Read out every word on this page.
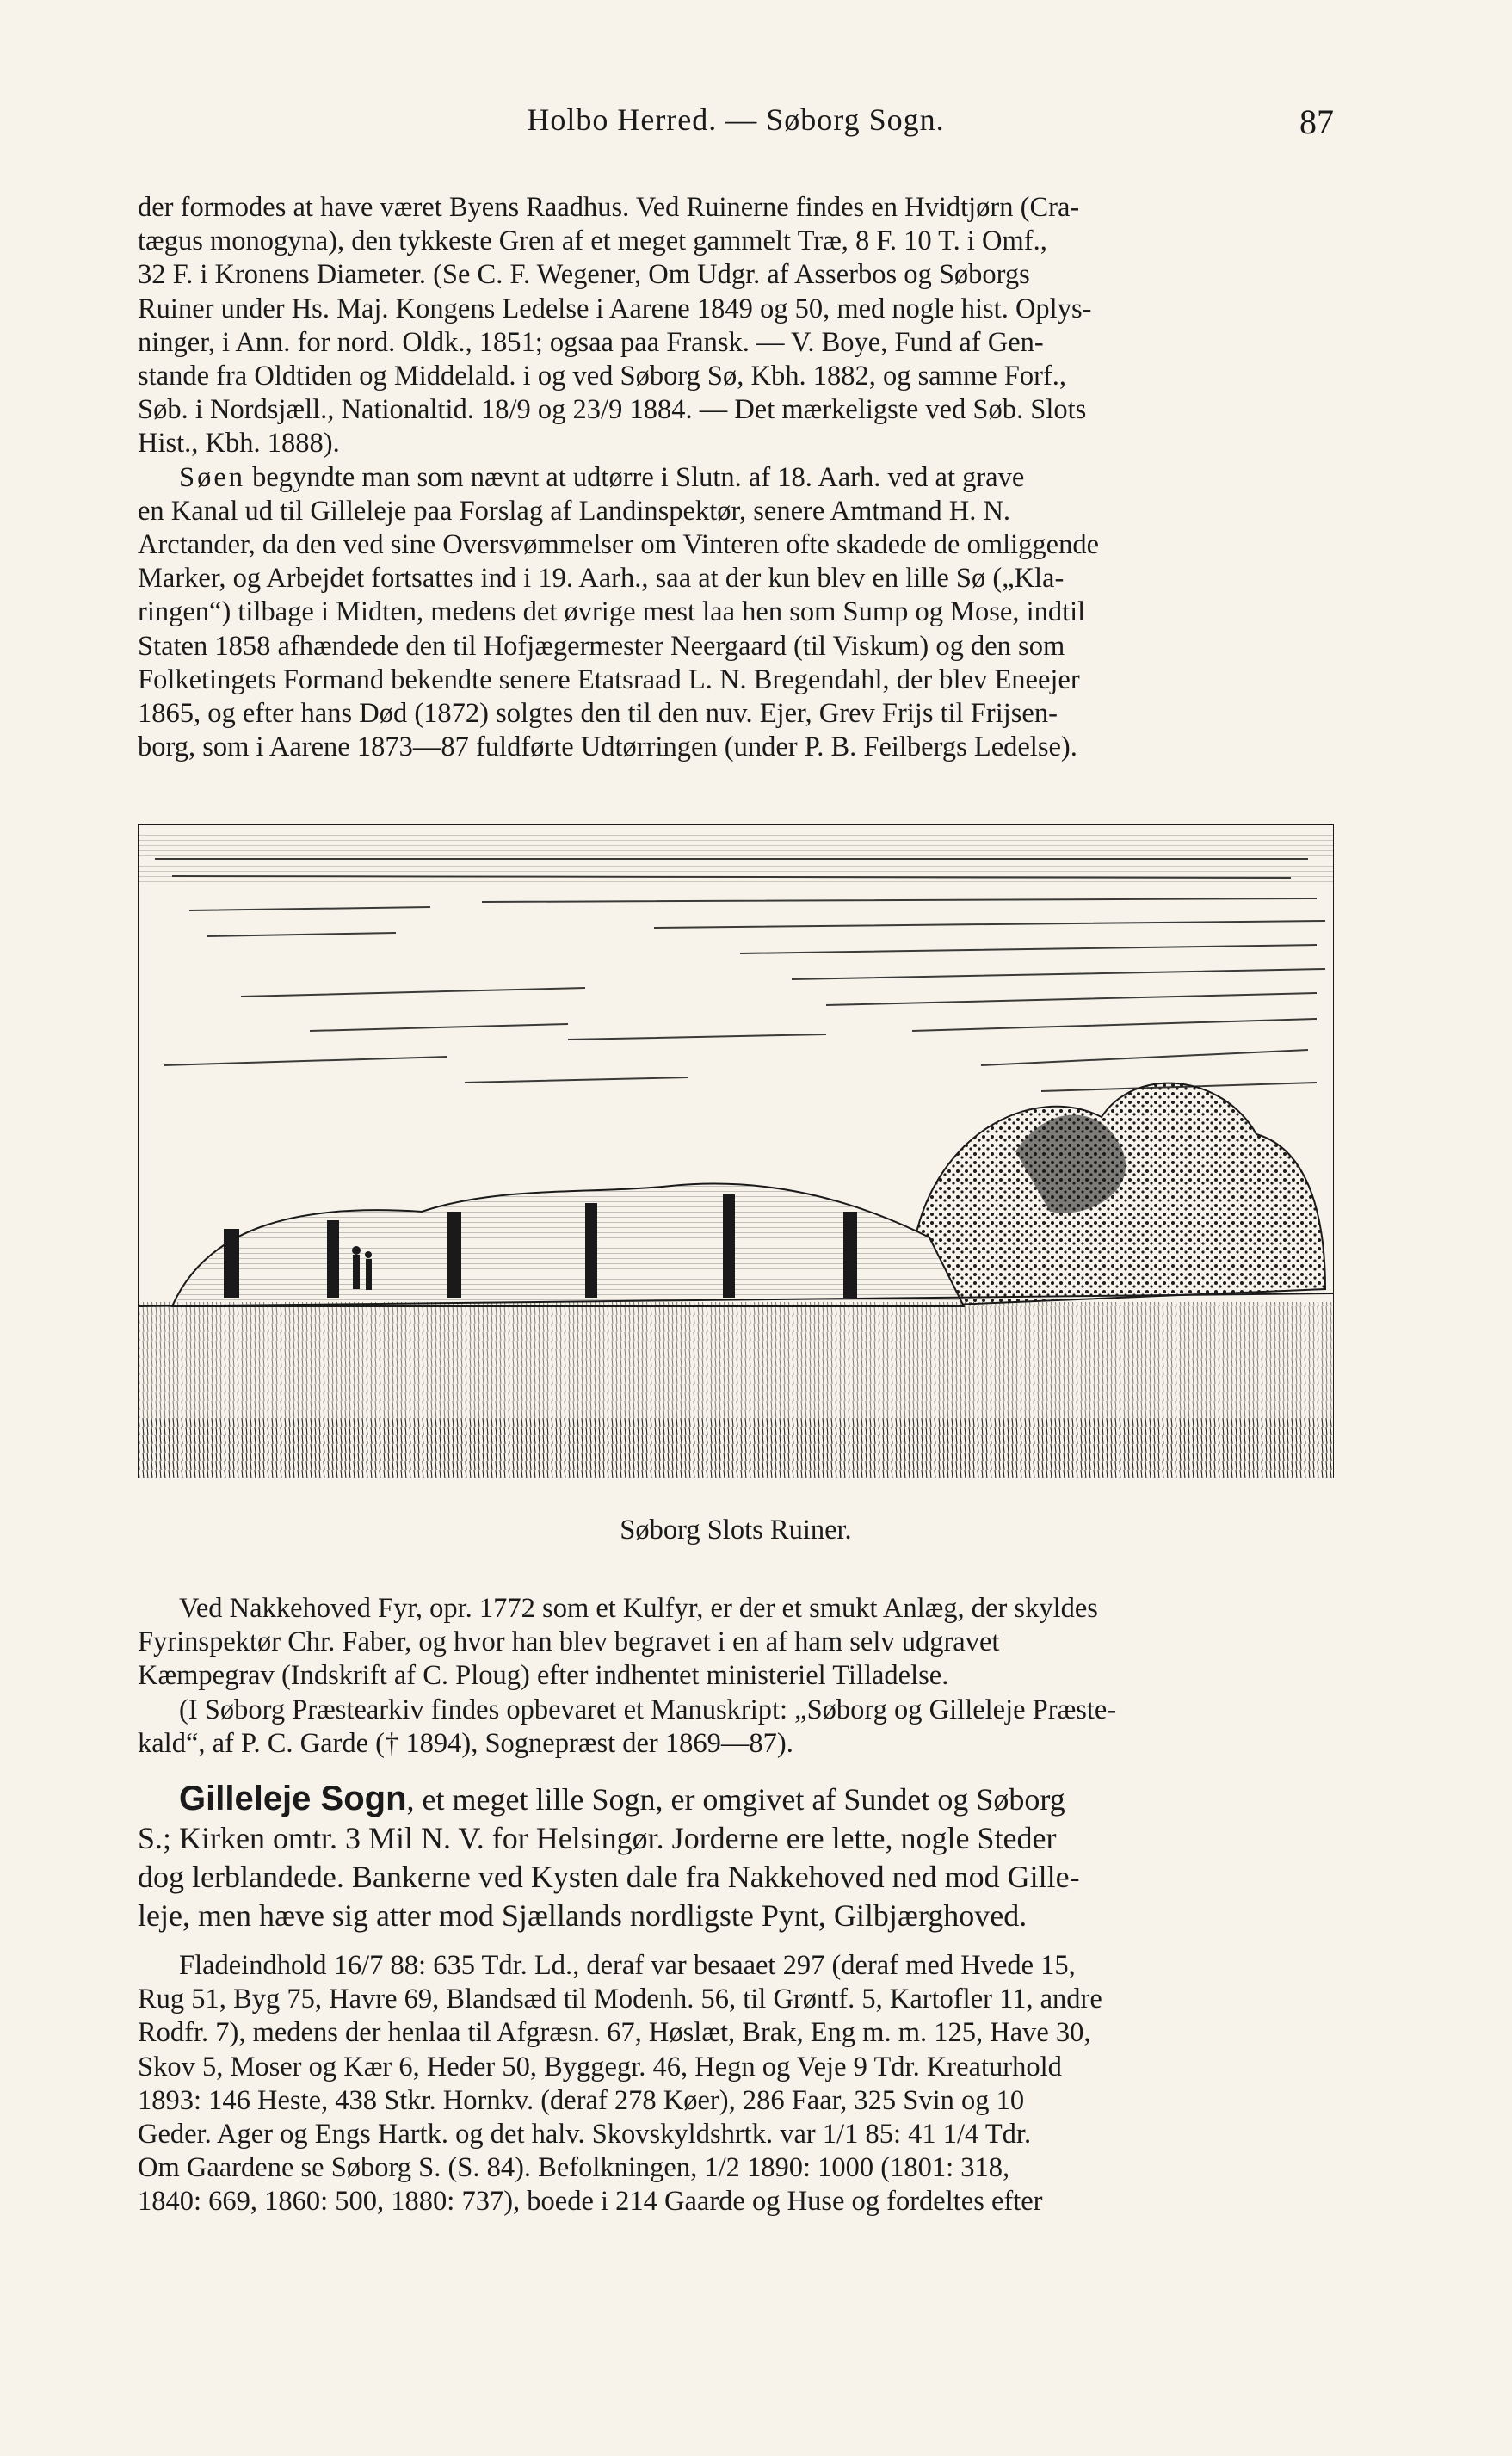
Holbo Herred. — Søborg Sogn.	87

der formodes at have været Byens Raadhus. Ved Ruinerne findes en Hvidtjørn (Cra-

tægus monogyna), den tykkeste Gren af et meget gammelt Træ, 8 F. 10 T. i Omf.,

32 F. i Kronens Diameter. (Se C. F. Wegener, Om Udgr. af Asserbos og Søborgs

Ruiner under Hs. Maj. Kongens Ledelse i Aarene 1849 og 50, med nogle hist. Oplys-

ninger, i Ann. for nord. Oldk., 1851; ogsaa paa Fransk. — V. Boye, Fund af Gen-

stande fra Oldtiden og Middelald. i og ved Søborg Sø, Kbh. 1882, og samme Forf.,

Søb. i Nordsjæll., Nationaltid. 18/9 og 23/9 1884. — Det mærkeligste ved Søb. Slots

Hist., Kbh. 1888).

Søen begyndte man som nævnt at udtørre i Slutn. af 18. Aarh. ved at grave

en Kanal ud til Gilleleje paa Forslag af Landinspektør, senere Amtmand H. N.

Arctander, da den ved sine Oversvømmelser om Vinteren ofte skadede de omliggende

Marker, og Arbejdet fortsattes ind i 19. Aarh., saa at der kun blev en lille Sø („Kla-

ringen“) tilbage i Midten, medens det øvrige mest laa hen som Sump og Mose, indtil

Staten 1858 afhændede den til Hofjægermester Neergaard (til Viskum) og den som

Folketingets Formand bekendte senere Etatsraad L. N. Bregendahl, der blev Eneejer

1865, og efter hans Død (1872) solgtes den til den nuv. Ejer, Grev Frijs til Frijsen-

borg, som i Aarene 1873—87 fuldførte Udtørringen (under P. B. Feilbergs Ledelse).

Søborg Slots Ruiner.

Ved Nakkehoved Fyr, opr. 1772 som et Kulfyr, er der et smukt Anlæg, der skyldes

Fyrinspektør Chr. Faber, og hvor han blev begravet i en af ham selv udgravet

Kæmpegrav (Indskrift af C. Ploug) efter indhentet ministeriel Tilladelse.

(I Søborg Præstearkiv findes opbevaret et Manuskript: „Søborg og Gilleleje Præste-

kald“, af P. C. Garde († 1894), Sognepræst der 1869—87).

Gilleleje Sogn, et meget lille Sogn, er omgivet af Sundet og Søborg

S.; Kirken omtr. 3 Mil N. V. for Helsingør. Jorderne ere lette, nogle Steder

dog lerblandede. Bankerne ved Kysten dale fra Nakkehoved ned mod Gille-

leje, men hæve sig atter mod Sjællands nordligste Pynt, Gilbjærghoved.

Fladeindhold 16/7 88: 635 Tdr. Ld., deraf var besaaet 297 (deraf med Hvede 15,

Rug 51, Byg 75, Havre 69, Blandsæd til Modenh. 56, til Grøntf. 5, Kartofler 11, andre

Rodfr. 7), medens der henlaa til Afgræsn. 67, Høslæt, Brak, Eng m. m. 125, Have 30,

Skov 5, Moser og Kær 6, Heder 50, Byggegr. 46, Hegn og Veje 9 Tdr. Kreaturhold

1893: 146 Heste, 438 Stkr. Hornkv. (deraf 278 Køer), 286 Faar, 325 Svin og 10

Geder. Ager og Engs Hartk. og det halv. Skovskyldshrtk. var 1/1 85: 41 1/4 Tdr.

Om Gaardene se Søborg S. (S. 84). Befolkningen, 1/2 1890: 1000 (1801: 318,

1840: 669, 1860: 500, 1880: 737), boede i 214 Gaarde og Huse og fordeltes efter
